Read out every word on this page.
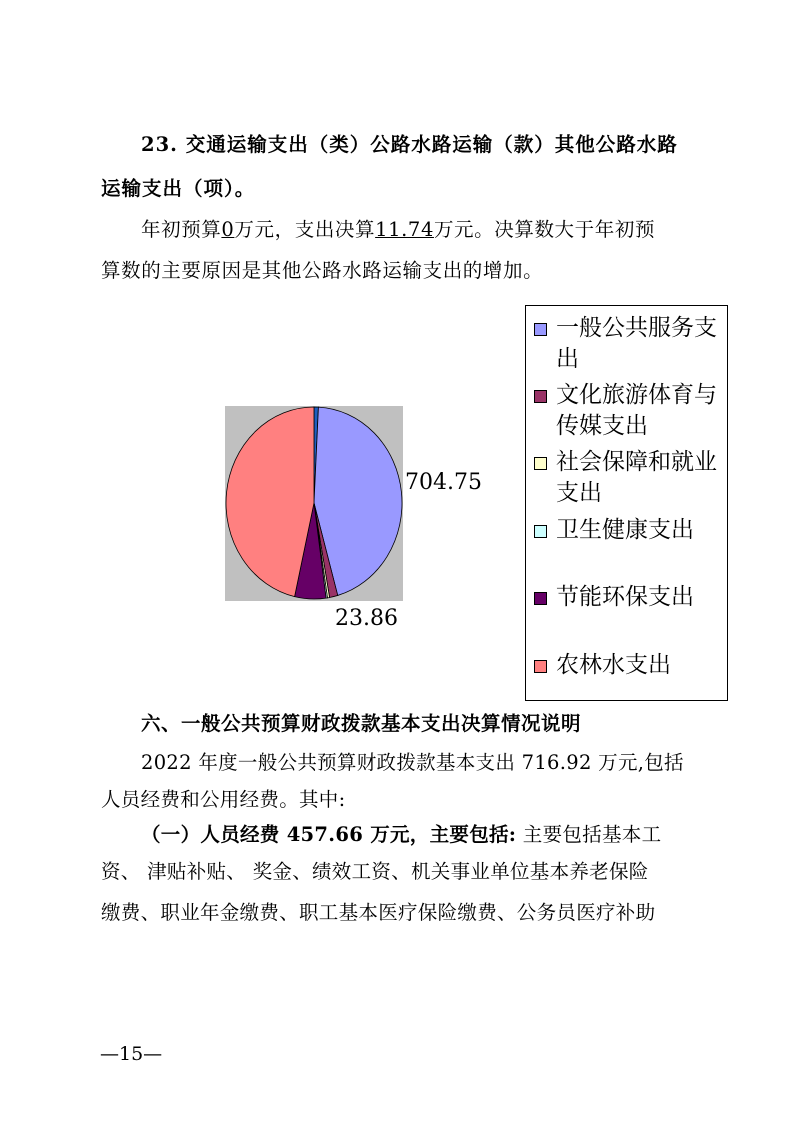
23. 交通运输支出（类）公路水路运输（款）其他公路水路
运输支出（项）。
年初预算0万元，支出决算11.74万元。决算数大于年初预
算数的主要原因是其他公路水路运输支出的增加。
704.75
23.86
一般公共服务支出
文化旅游体育与传媒支出
社会保障和就业支出
卫生健康支出
节能环保支出
农林水支出
六、一般公共预算财政拨款基本支出决算情况说明
2022 年度一般公共预算财政拨款基本支出 716.92 万元,包括
人员经费和公用经费。其中:
（一）人员经费 457.66 万元，主要包括: 主要包括基本工
资、 津贴补贴、 奖金、绩效工资、机关事业单位基本养老保险
缴费、职业年金缴费、职工基本医疗保险缴费、公务员医疗补助
—15—
